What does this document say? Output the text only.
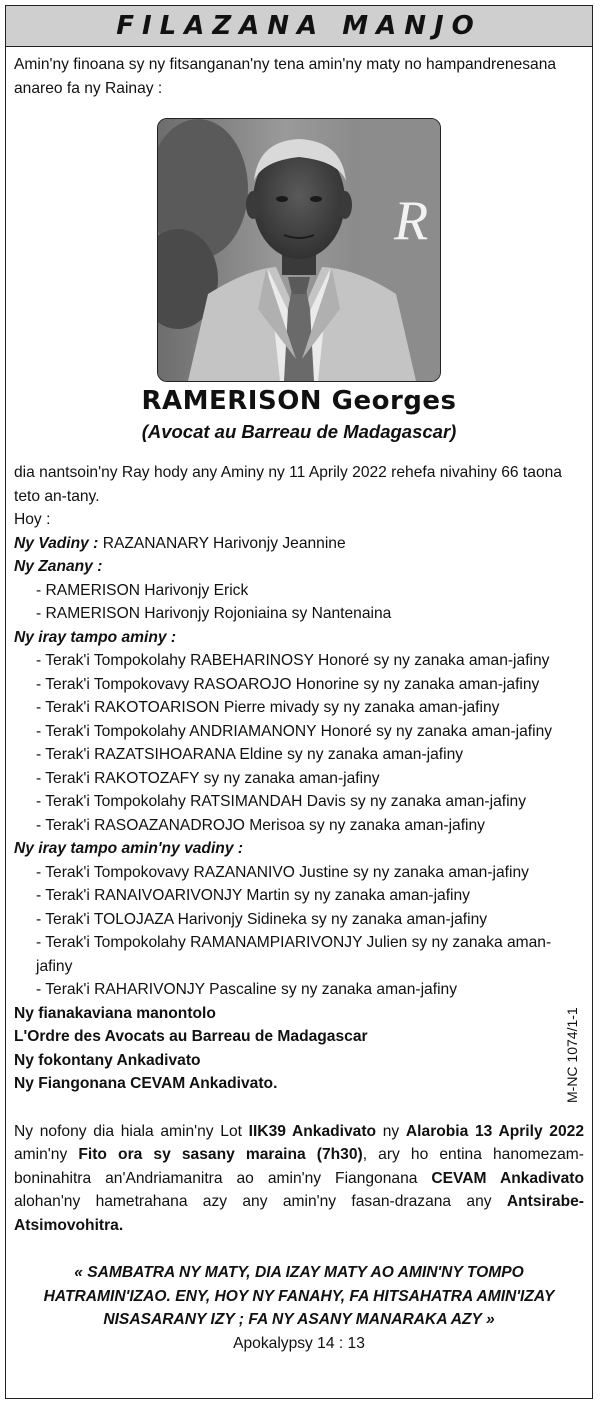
FILAZANA MANJO

Amin'ny finoana sy ny fitsanganan'ny tena amin'ny maty no hampandrenesana anareo fa ny Rainay :

R
RAMERISON Georges
(Avocat au Barreau de Madagascar)

dia nantsoin'ny Ray hody any Aminy ny 11 Aprily 2022 rehefa nivahiny 66 taona teto an-tany.

Hoy :

Ny Vadiny : RAZANANARY Harivonjy Jeannine

Ny Zanany :

- RAMERISON Harivonjy Erick
- RAMERISON Harivonjy Rojoniaina sy Nantenaina

Ny iray tampo aminy :

- Terak'i Tompokolahy RABEHARINOSY Honoré sy ny zanaka aman-jafiny
- Terak'i Tompokovavy RASOAROJO Honorine sy ny zanaka aman-jafiny
- Terak'i RAKOTOARISON Pierre mivady sy ny zanaka aman-jafiny
- Terak'i Tompokolahy ANDRIAMANONY Honoré sy ny zanaka aman-jafiny
- Terak'i RAZATSIHOARANA Eldine sy ny zanaka aman-jafiny
- Terak'i RAKOTOZAFY sy ny zanaka aman-jafiny
- Terak'i Tompokolahy RATSIMANDAH Davis sy ny zanaka aman-jafiny
- Terak'i RASOAZANADROJO Merisoa sy ny zanaka aman-jafiny

Ny iray tampo amin'ny vadiny :

- Terak'i Tompokovavy RAZANANIVO Justine sy ny zanaka aman-jafiny
- Terak'i RANAIVOARIVONJY Martin sy ny zanaka aman-jafiny
- Terak'i TOLOJAZA Harivonjy Sidineka sy ny zanaka aman-jafiny
- Terak'i Tompokolahy RAMANAMPIARIVONJY Julien sy ny zanaka aman-jafiny
- Terak'i RAHARIVONJY Pascaline sy ny zanaka aman-jafiny

Ny fianakaviana manontolo

L'Ordre des Avocats au Barreau de Madagascar

Ny fokontany Ankadivato

Ny Fiangonana CEVAM Ankadivato.

Ny nofony dia hiala amin'ny Lot IIK39 Ankadivato ny Alarobia 13 Aprily 2022 amin'ny Fito ora sy sasany maraina (7h30), ary ho entina hanomezam-boninahitra an'Andriamanitra ao amin'ny Fiangonana CEVAM Ankadivato alohan'ny hametrahana azy any amin'ny fasan-drazana any Antsirabe-Atsimovohitra.

« SAMBATRA NY MATY, DIA IZAY MATY AO AMIN'NY TOMPO HATRAMIN'IZAO. ENY, HOY NY FANAHY, FA HITSAHATRA AMIN'IZAY NISASARANY IZY ; FA NY ASANY MANARAKA AZY »

Apokalypsy 14 : 13

M-NC 1074/1-1
